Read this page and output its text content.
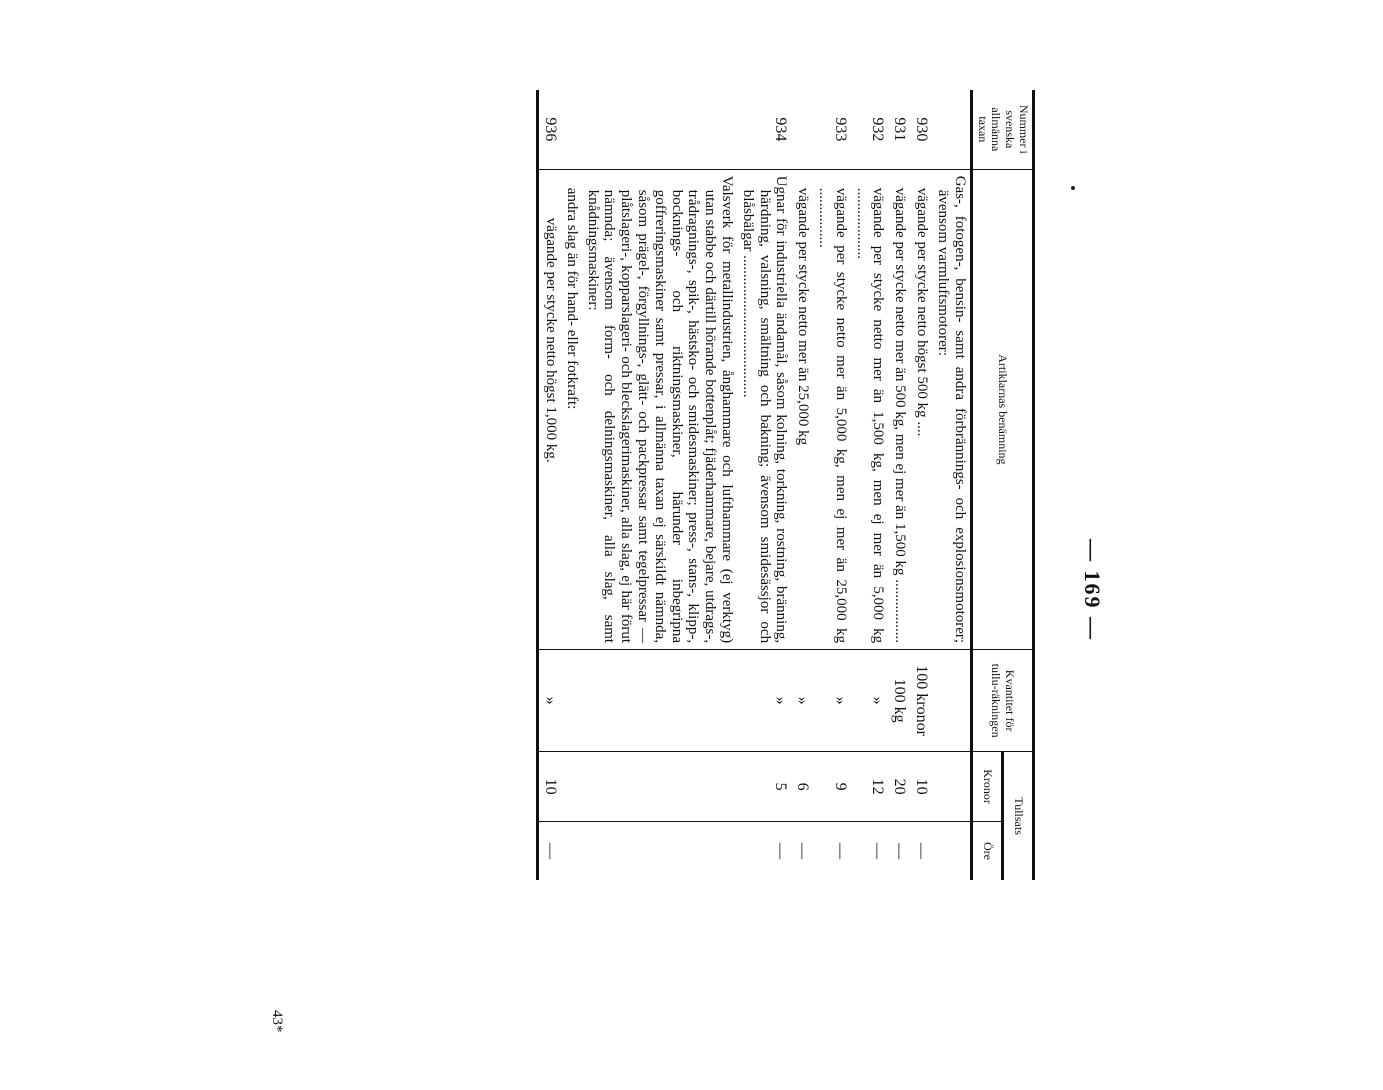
— 169 —
Nummer i svenska allmänna taxan	Artiklarnas benämning	Kvantitet för tullu-räkningen	Tullsats	
			Kronor	Öre
	Gas-, fotogen-, bensin- samt andra förbrännings- och explosionsmotorer; ävensom varmluftsmotorer:			
930	vägande per stycke netto högst 500 kg ....	100 kronor	10	—
931	vägande per stycke netto mer än 500 kg, men ej mer än 1,500 kg .................	100 kg	20	—
932	vägande per stycke netto mer än 1,500 kg, men ej mer än 5,000 kg ...................	»	12	—
933	vägande per stycke netto mer än 5,000 kg, men ej mer än 25,000 kg ................	»	9	—
	vägande per stycke netto mer än 25,000 kg	»	6	—
934	Ugnar för industriella ändamål, såsom kolning, torkning, rostning, bränning, härdning, valsning, smältning och bakning; ävensom smidesässjor och blåsbälgar ......................................	»	5	—
	Valsverk för metallindustrien, ånghammare och lufthammare (ej verktyg) utan stabbe och därtill hörande bottenplåt; fjäderhammare, bejare, utdrags-, trådragnings-, spik-, hästsko- och smidesmaskiner; press-, stans-, klipp-, bocknings- och riktningsmaskiner, härunder inbegripna goffreringsmaskiner samt pressar, i allmänna taxan ej särskildt nämnda, såsom prägel-, förgyllnings-, glätt- och packpressar samt tegelpressar — plåtslageri-, kopparslageri- och bleckslagerimaskiner, alla slag, ej här förut nämnda; ävensom form- och delningsmaskiner, alla slag, samt knådningsmaskiner:			
	andra slag än för hand- eller fotkraft:			
936	vägande per stycke netto högst 1,000 kg.	»	10	—
43*
